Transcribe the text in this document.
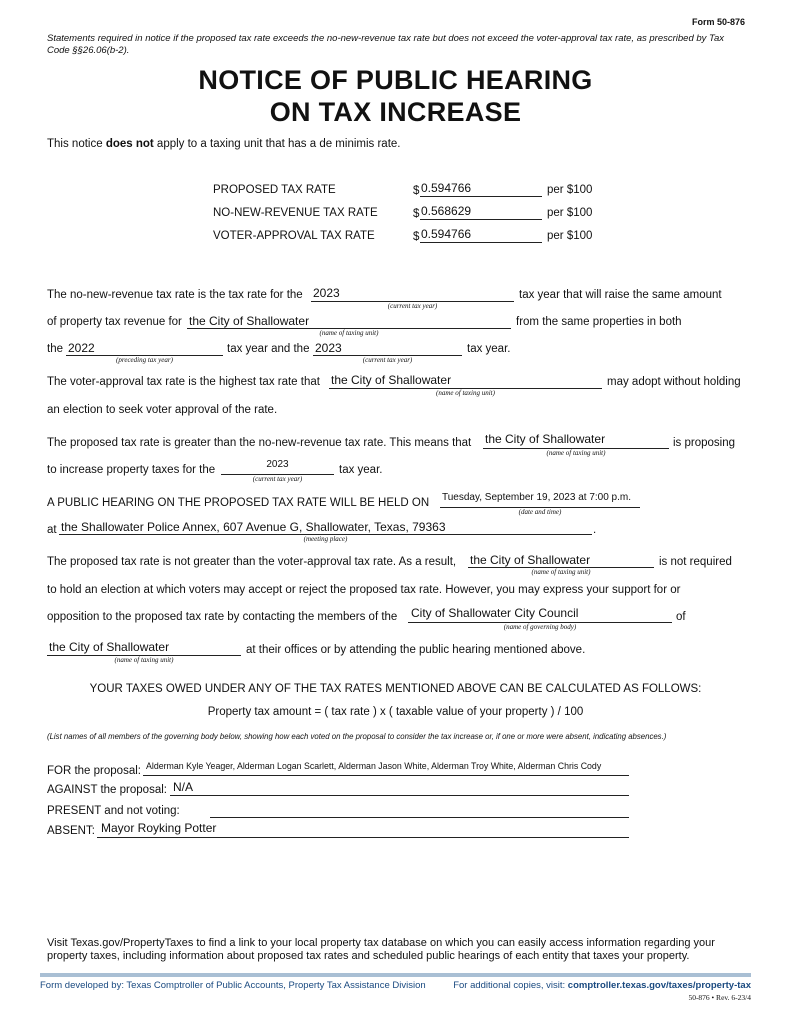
Form 50-876
Statements required in notice if the proposed tax rate exceeds the no-new-revenue tax rate but does not exceed the voter-approval tax rate, as prescribed by Tax Code §§26.06(b-2).
NOTICE OF PUBLIC HEARING
ON TAX INCREASE
This notice does not apply to a taxing unit that has a de minimis rate.
PROPOSED TAX RATE	$ 0.594766	per $100
NO-NEW-REVENUE TAX RATE	$ 0.568629	per $100
VOTER-APPROVAL TAX RATE	$ 0.594766	per $100
The no-new-revenue tax rate is the tax rate for the 2023
(current tax year)
tax year that will raise the same amount
of property tax revenue for the City of Shallowater
(name of taxing unit)
from the same properties in both
the 2022
(preceding tax year)
tax year and the 2023
(current tax year)
tax year.
The voter-approval tax rate is the highest tax rate that the City of Shallowater
(name of taxing unit)
may adopt without holding
an election to seek voter approval of the rate.
The proposed tax rate is greater than the no-new-revenue tax rate. This means that the City of Shallowater
(name of taxing unit)
is proposing
to increase property taxes for the	2023
(current tax year)
tax year.
A PUBLIC HEARING ON THE PROPOSED TAX RATE WILL BE HELD ON Tuesday, September 19, 2023 at 7:00 p.m.
(date and time)
at the Shallowater Police Annex, 607 Avenue G, Shallowater, Texas, 79363
(meeting place)
.
The proposed tax rate is not greater than the voter-approval tax rate. As a result, the City of Shallowater
(name of taxing unit)
is not required
to hold an election at which voters may accept or reject the proposed tax rate. However, you may express your support for or
opposition to the proposed tax rate by contacting the members of the City of Shallowater City Council
(name of governing body)
of
the City of Shallowater
(name of taxing unit)
at their offices or by attending the public hearing mentioned above.
YOUR TAXES OWED UNDER ANY OF THE TAX RATES MENTIONED ABOVE CAN BE CALCULATED AS FOLLOWS:
Property tax amount = ( tax rate ) x ( taxable value of your property ) / 100
(List names of all members of the governing body below, showing how each voted on the proposal to consider the tax increase or, if one or more were absent, indicating absences.)
FOR the proposal: Alderman Kyle Yeager, Alderman Logan Scarlett, Alderman Jason White, Alderman Troy White, Alderman Chris Cody
AGAINST the proposal: N/A
PRESENT and not voting:
ABSENT: Mayor Royking Potter
Visit Texas.gov/PropertyTaxes to find a link to your local property tax database on which you can easily access information regarding your property taxes, including information about proposed tax rates and scheduled public hearings of each entity that taxes your property.
Form developed by: Texas Comptroller of Public Accounts, Property Tax Assistance Division	For additional copies, visit: comptroller.texas.gov/taxes/property-tax
50-876 • Rev. 6-23/4
